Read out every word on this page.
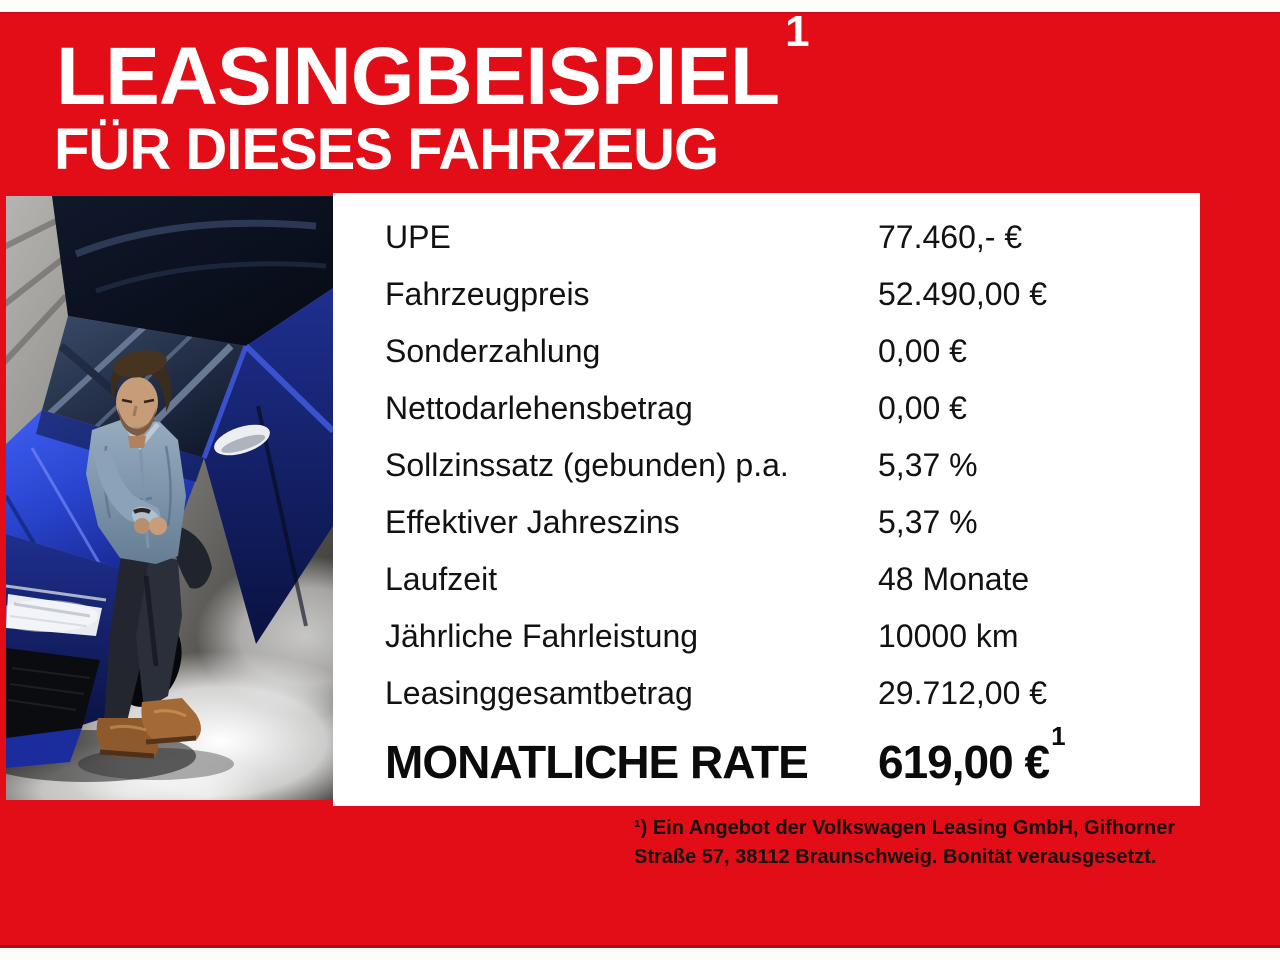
LEASINGBEISPIEL $^1$
FÜR DIESES FAHRZEUG
UPE	77.460,- €
Fahrzeugpreis	52.490,00 €
Sonderzahlung	0,00 €
Nettodarlehensbetrag	0,00 €
Sollzinssatz (gebunden) p.a.	5,37 %
Effektiver Jahreszins	5,37 %
Laufzeit	48 Monate
Jährliche Fahrleistung	10000 km
Leasinggesamtbetrag	29.712,00 €
MONATLICHE RATE	619,00 €$^1$
¹) Ein Angebot der Volkswagen Leasing GmbH, Gifhorner
Straße 57, 38112 Braunschweig. Bonität verausgesetzt.
